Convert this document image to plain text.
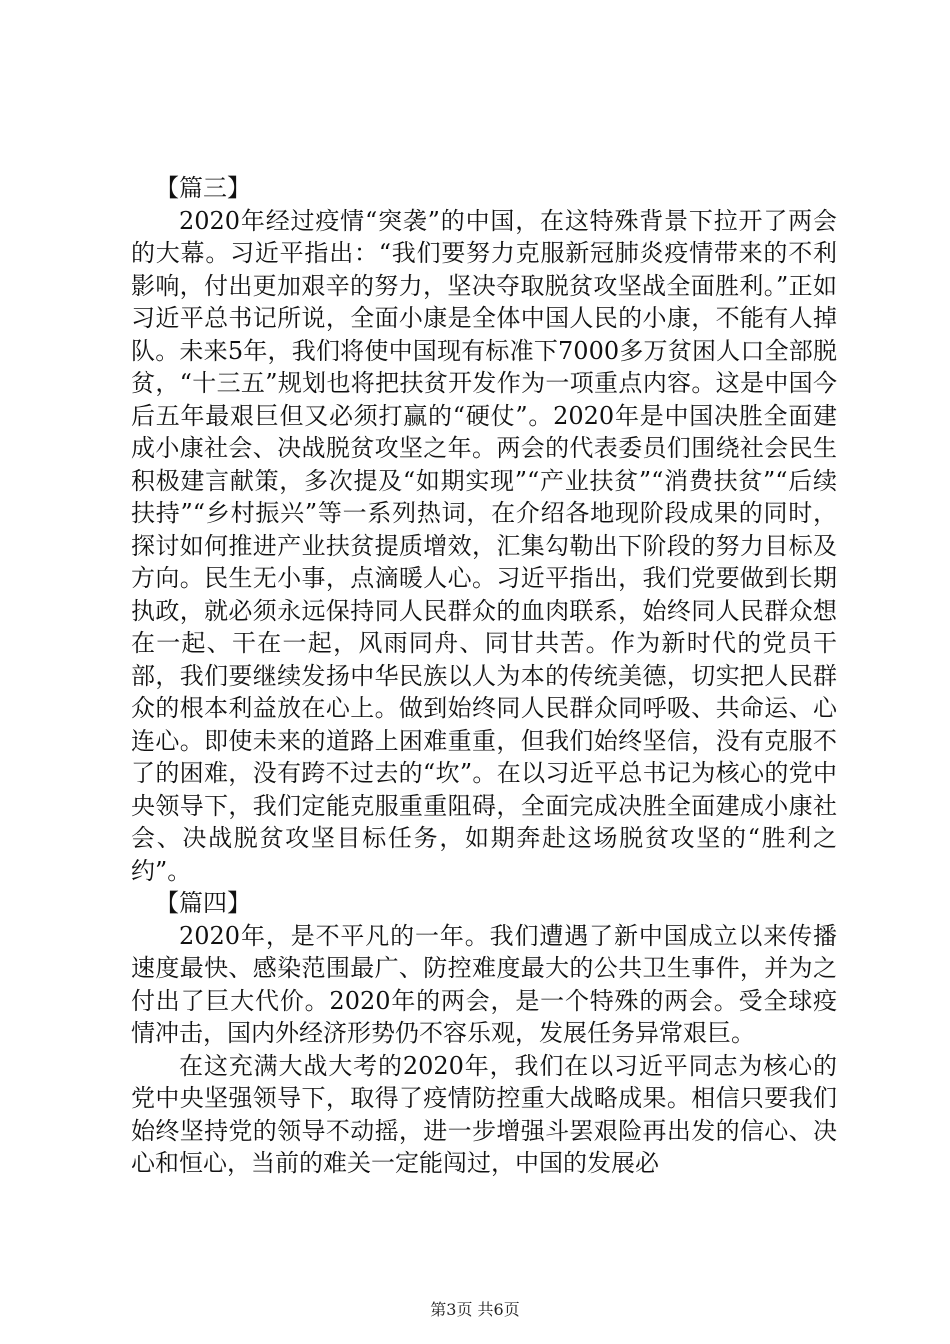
【篇三】

2020年经过疫情“突袭”的中国，在这特殊背景下拉开了两会的大幕。习近平指出：“我们要努力克服新冠肺炎疫情带来的不利影响，付出更加艰辛的努力，坚决夺取脱贫攻坚战全面胜利。”正如习近平总书记所说，全面小康是全体中国人民的小康，不能有人掉队。未来5年，我们将使中国现有标准下7000多万贫困人口全部脱贫，“十三五”规划也将把扶贫开发作为一项重点内容。这是中国今后五年最艰巨但又必须打赢的“硬仗”。2020年是中国决胜全面建成小康社会、决战脱贫攻坚之年。两会的代表委员们围绕社会民生积极建言献策，多次提及“如期实现”“产业扶贫”“消费扶贫”“后续扶持”“乡村振兴”等一系列热词，在介绍各地现阶段成果的同时，探讨如何推进产业扶贫提质增效，汇集勾勒出下阶段的努力目标及方向。民生无小事，点滴暖人心。习近平指出，我们党要做到长期执政，就必须永远保持同人民群众的血肉联系，始终同人民群众想在一起、干在一起，风雨同舟、同甘共苦。作为新时代的党员干部，我们要继续发扬中华民族以人为本的传统美德，切实把人民群众的根本利益放在心上。做到始终同人民群众同呼吸、共命运、心连心。即使未来的道路上困难重重，但我们始终坚信，没有克服不了的困难，没有跨不过去的“坎”。在以习近平总书记为核心的党中央领导下，我们定能克服重重阻碍，全面完成决胜全面建成小康社会、决战脱贫攻坚目标任务，如期奔赴这场脱贫攻坚的“胜利之约”。

【篇四】

2020年，是不平凡的一年。我们遭遇了新中国成立以来传播速度最快、感染范围最广、防控难度最大的公共卫生事件，并为之付出了巨大代价。2020年的两会，是一个特殊的两会。受全球疫情冲击，国内外经济形势仍不容乐观，发展任务异常艰巨。

在这充满大战大考的2020年，我们在以习近平同志为核心的党中央坚强领导下，取得了疫情防控重大战略成果。相信只要我们始终坚持党的领导不动摇，进一步增强斗罢艰险再出发的信心、决心和恒心，当前的难关一定能闯过，中国的发展必

第3页 共6页
